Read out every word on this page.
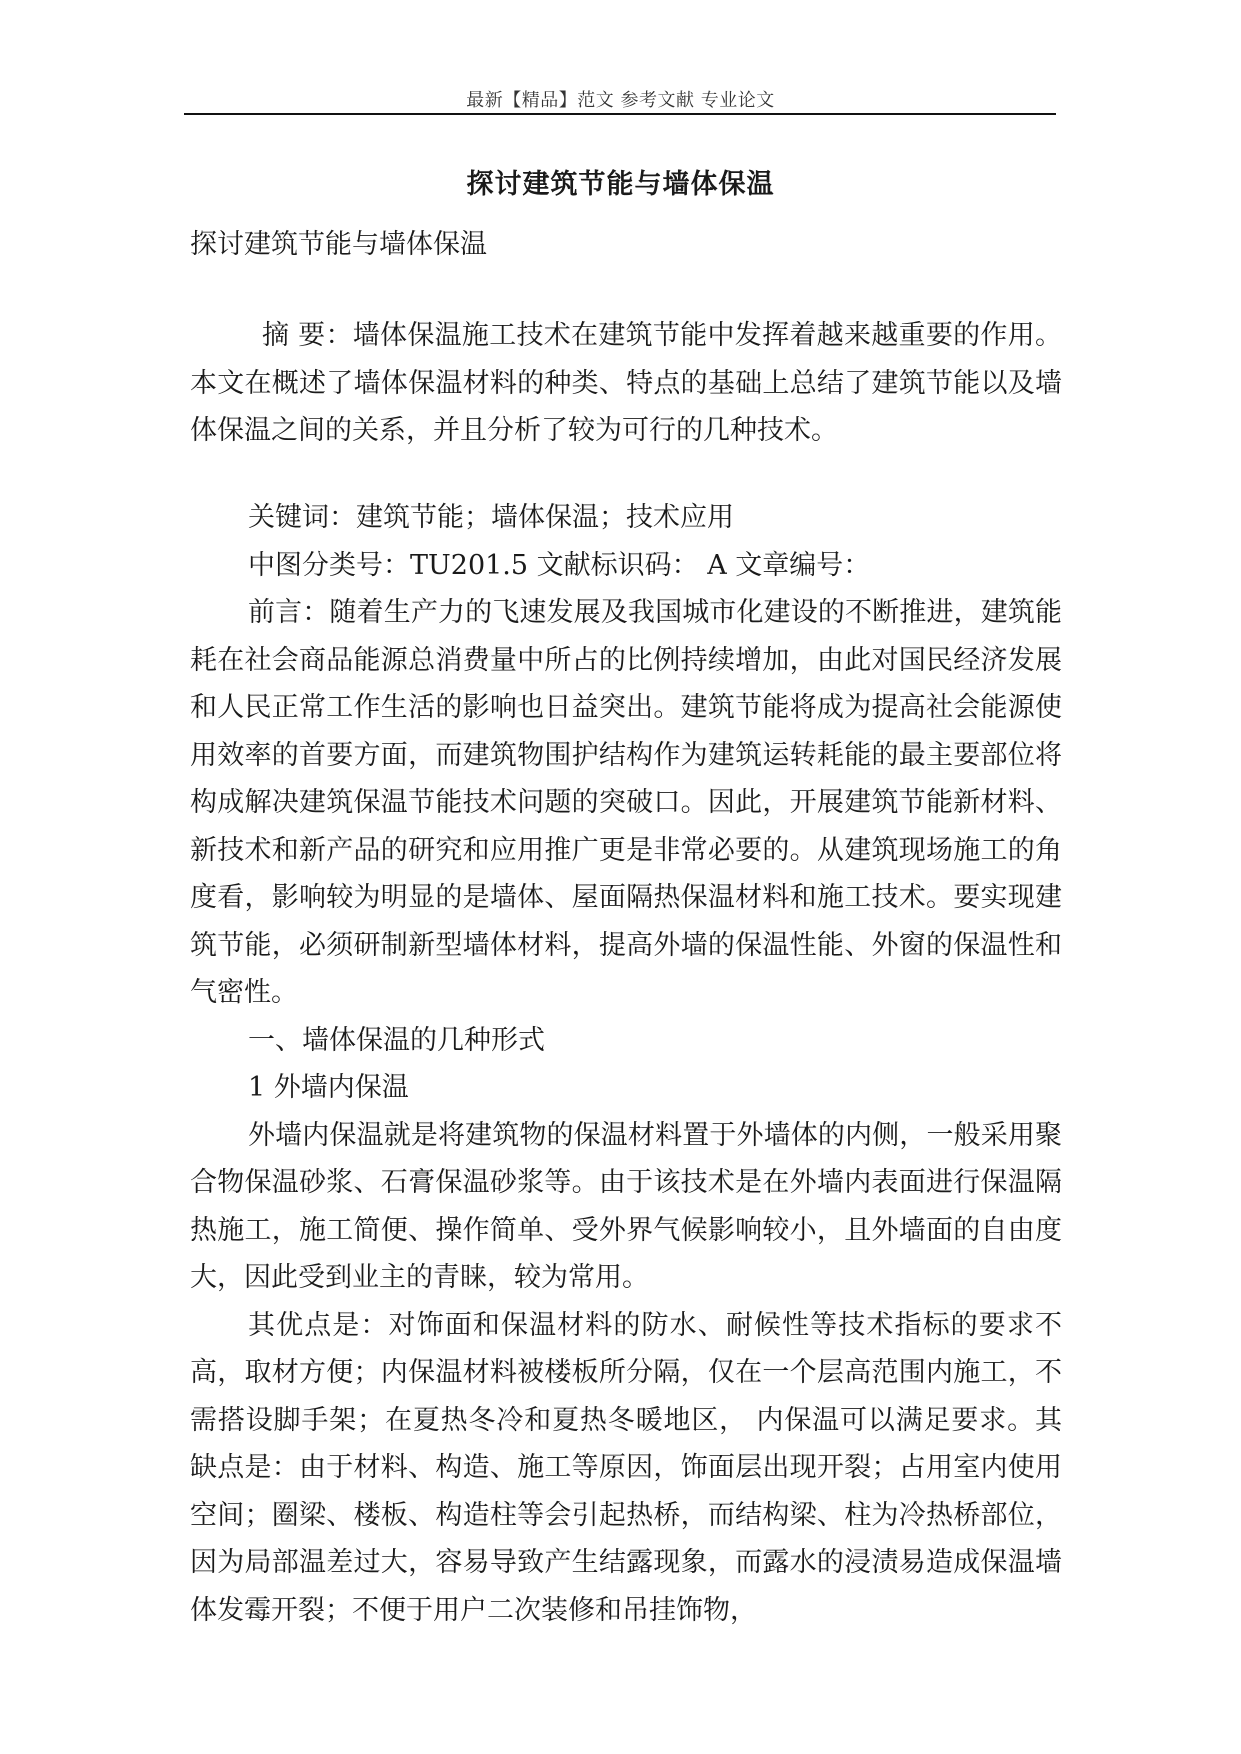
最新【精品】范文 参考文献 专业论文
探讨建筑节能与墙体保温
探讨建筑节能与墙体保温

摘 要：墙体保温施工技术在建筑节能中发挥着越来越重要的作用。本文在概述了墙体保温材料的种类、特点的基础上总结了建筑节能以及墙体保温之间的关系，并且分析了较为可行的几种技术。

关键词：建筑节能；墙体保温；技术应用

中图分类号：TU201.5 文献标识码： A 文章编号：

前言：随着生产力的飞速发展及我国城市化建设的不断推进，建筑能耗在社会商品能源总消费量中所占的比例持续增加，由此对国民经济发展和人民正常工作生活的影响也日益突出。建筑节能将成为提高社会能源使用效率的首要方面，而建筑物围护结构作为建筑运转耗能的最主要部位将构成解决建筑保温节能技术问题的突破口。因此，开展建筑节能新材料、新技术和新产品的研究和应用推广更是非常必要的。从建筑现场施工的角度看，影响较为明显的是墙体、屋面隔热保温材料和施工技术。要实现建筑节能，必须研制新型墙体材料，提高外墙的保温性能、外窗的保温性和气密性。

一、墙体保温的几种形式

1 外墙内保温

外墙内保温就是将建筑物的保温材料置于外墙体的内侧，一般采用聚合物保温砂浆、石膏保温砂浆等。由于该技术是在外墙内表面进行保温隔热施工，施工简便、操作简单、受外界气候影响较小，且外墙面的自由度大，因此受到业主的青睐，较为常用。

其优点是：对饰面和保温材料的防水、耐候性等技术指标的要求不高，取材方便；内保温材料被楼板所分隔，仅在一个层高范围内施工，不需搭设脚手架；在夏热冬冷和夏热冬暖地区， 内保温可以满足要求。其缺点是：由于材料、构造、施工等原因，饰面层出现开裂；占用室内使用空间；圈梁、楼板、构造柱等会引起热桥，而结构梁、柱为冷热桥部位，因为局部温差过大，容易导致产生结露现象，而露水的浸渍易造成保温墙体发霉开裂；不便于用户二次装修和吊挂饰物，
